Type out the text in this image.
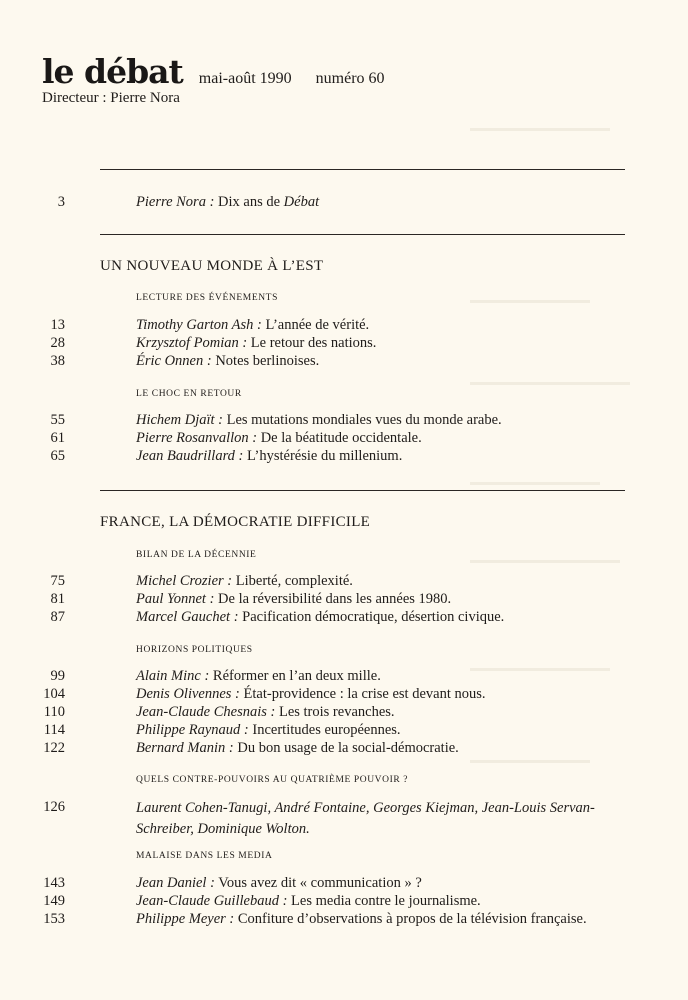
le débat mai-août 1990 numéro 60
Directeur : Pierre Nora
3	Pierre Nora : Dix ans de Débat
UN NOUVEAU MONDE À L’EST
LECTURE DES ÉVÉNEMENTS
13	Timothy Garton Ash : L’année de vérité.
28	Krzysztof Pomian : Le retour des nations.
38	Éric Onnen : Notes berlinoises.
LE CHOC EN RETOUR
55	Hichem Djaït : Les mutations mondiales vues du monde arabe.
61	Pierre Rosanvallon : De la béatitude occidentale.
65	Jean Baudrillard : L’hystérésie du millenium.
FRANCE, LA DÉMOCRATIE DIFFICILE
BILAN DE LA DÉCENNIE
75	Michel Crozier : Liberté, complexité.
81	Paul Yonnet : De la réversibilité dans les années 1980.
87	Marcel Gauchet : Pacification démocratique, désertion civique.
HORIZONS POLITIQUES
99	Alain Minc : Réformer en l’an deux mille.
104	Denis Olivennes : État-providence : la crise est devant nous.
110	Jean-Claude Chesnais : Les trois revanches.
114	Philippe Raynaud : Incertitudes européennes.
122	Bernard Manin : Du bon usage de la social-démocratie.
QUELS CONTRE-POUVOIRS AU QUATRIÈME POUVOIR ?
126	Laurent Cohen-Tanugi, André Fontaine, Georges Kiejman, Jean-Louis Servan-Schreiber, Dominique Wolton.
MALAISE DANS LES MEDIA
143	Jean Daniel : Vous avez dit « communication » ?
149	Jean-Claude Guillebaud : Les media contre le journalisme.
153	Philippe Meyer : Confiture d’observations à propos de la télévision française.
